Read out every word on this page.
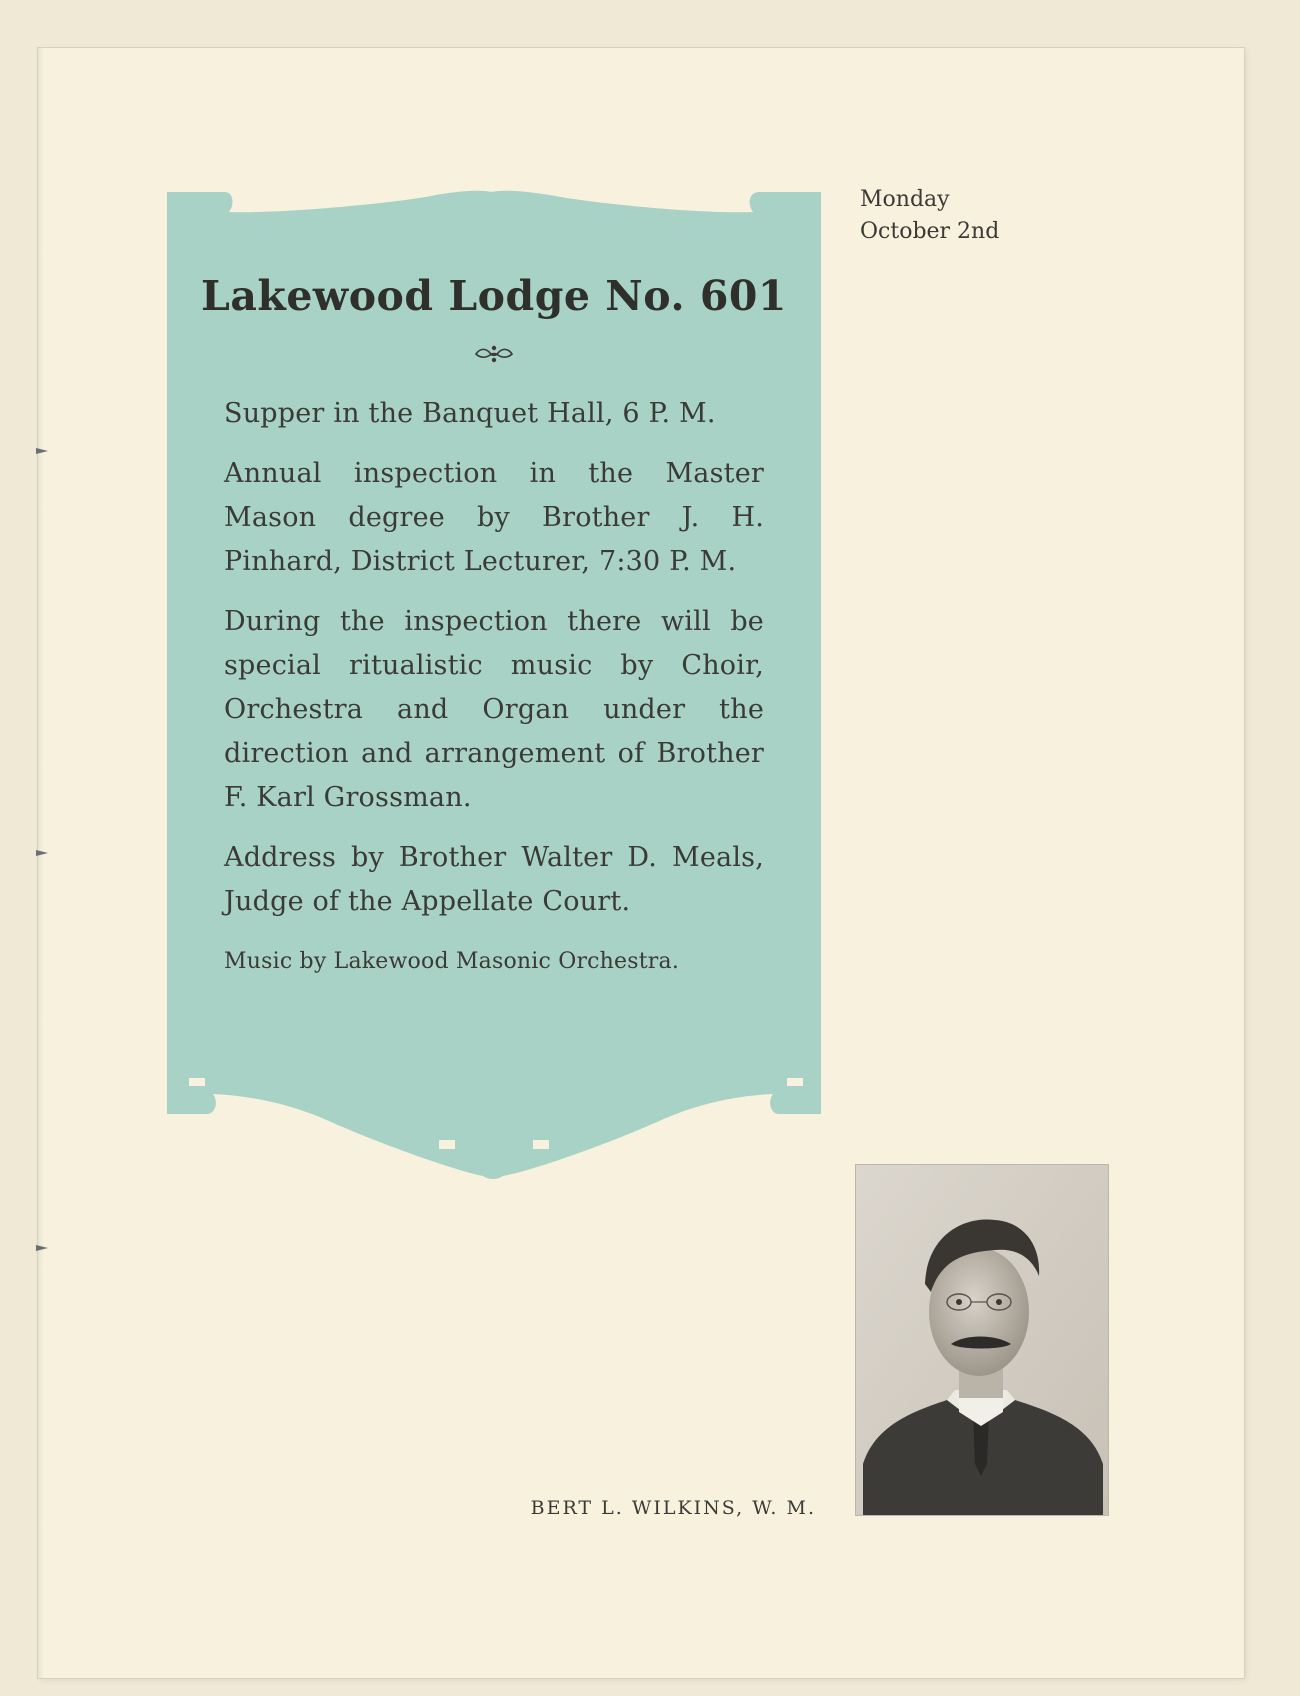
Lakewood Lodge No. 601

Supper in the Banquet Hall, 6 P. M.

Annual inspection in the Master Mason degree by Brother J. H. Pinhard, District Lecturer, 7:30 P. M.

During the inspection there will be special ritualistic music by Choir, Orchestra and Organ under the direction and arrangement of Brother F. Karl Grossman.

Address by Brother Walter D. Meals, Judge of the Appellate Court.

Music by Lakewood Masonic Orchestra.

Monday
October 2nd
BERT L. WILKINS, W. M.
